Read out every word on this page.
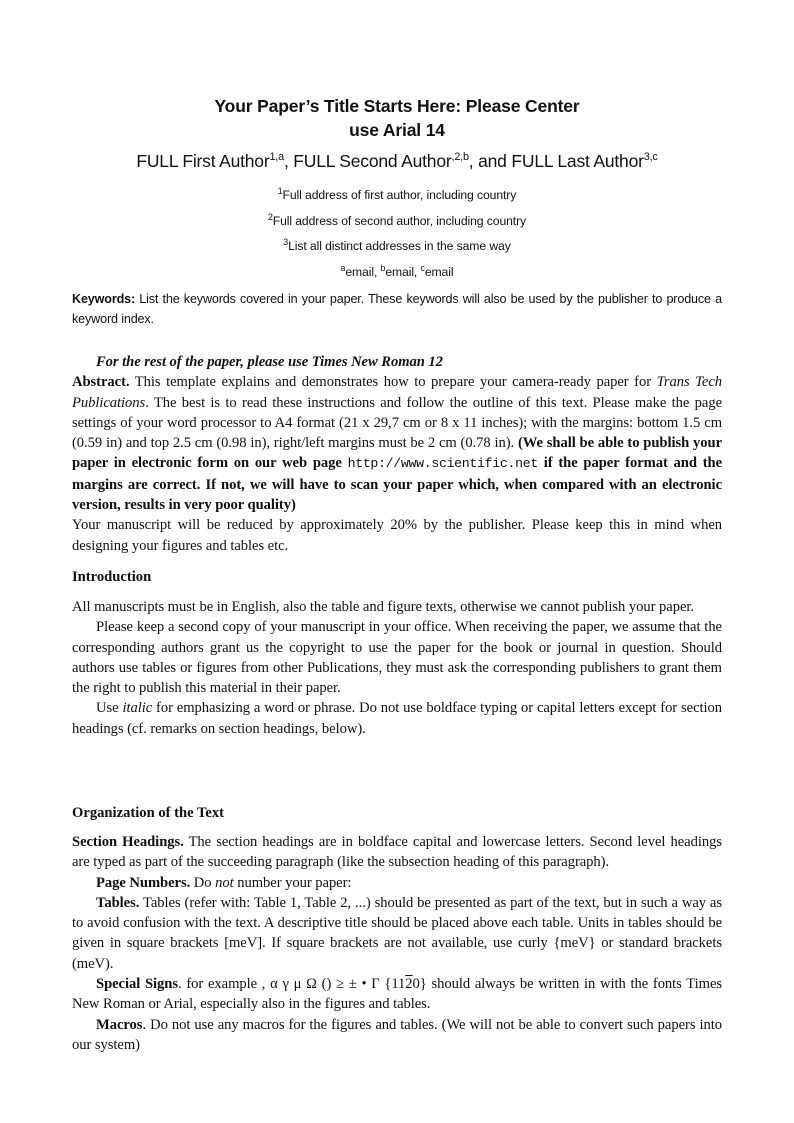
Your Paper’s Title Starts Here: Please Center
use Arial 14
FULL First Author$^{1,a}$, FULL Second Author$^{,2,b}$, and FULL Last Author$^{3,c}$
$^1$Full address of first author, including country
$^2$Full address of second author, including country
$^3$List all distinct addresses in the same way
$^a$email, $^b$email, $^c$email
Keywords: List the keywords covered in your paper. These keywords will also be used by the publisher to produce a keyword index.

For the rest of the paper, please use Times New Roman 12

Abstract. This template explains and demonstrates how to prepare your camera-ready paper for Trans Tech Publications. The best is to read these instructions and follow the outline of this text. Please make the page settings of your word processor to A4 format (21 x 29,7 cm or 8 x 11 inches); with the margins: bottom 1.5 cm (0.59 in) and top 2.5 cm (0.98 in), right/left margins must be 2 cm (0.78 in). (We shall be able to publish your paper in electronic form on our web page http://www.scientific.net if the paper format and the margins are correct. If not, we will have to scan your paper which, when compared with an electronic version, results in very poor quality)

Your manuscript will be reduced by approximately 20% by the publisher. Please keep this in mind when designing your figures and tables etc.

Introduction

All manuscripts must be in English, also the table and figure texts, otherwise we cannot publish your paper.

Please keep a second copy of your manuscript in your office. When receiving the paper, we assume that the corresponding authors grant us the copyright to use the paper for the book or journal in question. Should authors use tables or figures from other Publications, they must ask the corresponding publishers to grant them the right to publish this material in their paper.

Use italic for emphasizing a word or phrase. Do not use boldface typing or capital letters except for section headings (cf. remarks on section headings, below).

Organization of the Text

Section Headings. The section headings are in boldface capital and lowercase letters. Second level headings are typed as part of the succeeding paragraph (like the subsection heading of this paragraph).

Page Numbers. Do not number your paper:

Tables. Tables (refer with: Table 1, Table 2, ...) should be presented as part of the text, but in such a way as to avoid confusion with the text. A descriptive title should be placed above each table. Units in tables should be given in square brackets [meV]. If square brackets are not available, use curly {meV} or standard brackets (meV).

Special Signs. for example , α γ μ Ω () ≥ ± • Γ {1120} should always be written in with the fonts Times New Roman or Arial, especially also in the figures and tables.

Macros. Do not use any macros for the figures and tables. (We will not be able to convert such papers into our system)
